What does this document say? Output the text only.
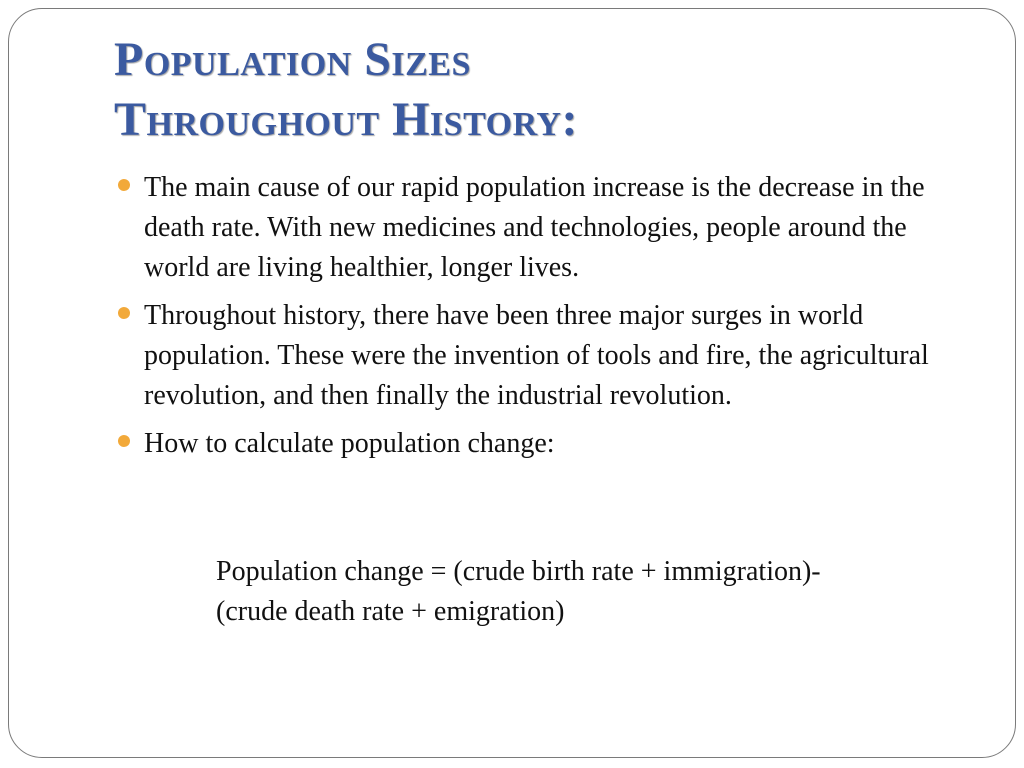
Population Sizes
Throughout History:
The main cause of our rapid population increase is the decrease in the death rate. With new medicines and technologies, people around the world are living healthier, longer lives.
Throughout history, there have been three major surges in world population. These were the invention of tools and fire, the agricultural revolution, and then finally the industrial revolution.
How to calculate population change:
Population change = (crude birth rate + immigration)-
(crude death rate + emigration)
